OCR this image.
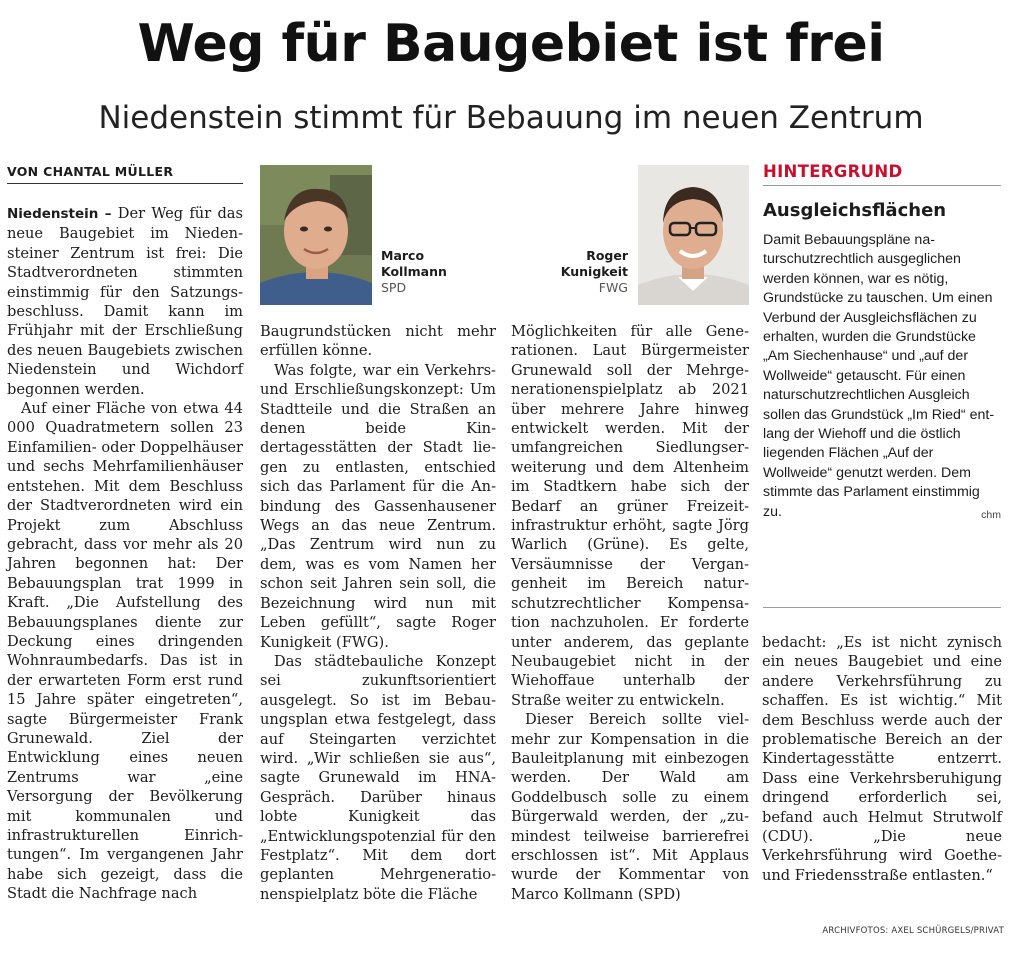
Weg für Baugebiet ist frei
Niedenstein stimmt für Bebauung im neuen Zentrum
VON CHANTAL MÜLLER

Niedenstein – Der Weg für das neue Baugebiet im Niedensteiner Zentrum ist frei: Die Stadtverordneten stimmten einstimmig für den Satzungsbeschluss. Damit kann im Frühjahr mit der Erschließung des neuen Baugebiets zwischen Niedenstein und Wichdorf begonnen werden.

Auf einer Fläche von etwa 44 000 Quadratmetern sollen 23 Einfamilien- oder Doppelhäuser und sechs Mehrfamilienhäuser entstehen. Mit dem Beschluss der Stadtverordneten wird ein Projekt zum Abschluss gebracht, dass vor mehr als 20 Jahren begonnen hat: Der Bebauungsplan trat 1999 in Kraft. „Die Aufstellung des Bebauungsplanes diente zur Deckung eines dringenden Wohnraumbedarfs. Das ist in der erwarteten Form erst rund 15 Jahre später eingetreten“, sagte Bürgermeister Frank Grunewald. Ziel der Entwicklung eines neuen Zentrums war „eine Versorgung der Bevölkerung mit kommunalen und infrastrukturellen Einrichtungen“. Im vergangenen Jahr habe sich gezeigt, dass die Stadt die Nachfrage nach

Marco
Kollmann
SPD
Roger
Kunigkeit
FWG

Baugrundstücken nicht mehr erfüllen könne.

Was folgte, war ein Verkehrs- und Erschließungskonzept: Um Stadtteile und die Straßen an denen beide Kindertagesstätten der Stadt liegen zu entlasten, entschied sich das Parlament für die Anbindung des Gassenhausener Wegs an das neue Zentrum. „Das Zentrum wird nun zu dem, was es vom Namen her schon seit Jahren sein soll, die Bezeichnung wird nun mit Leben gefüllt“, sagte Roger Kunigkeit (FWG).

Das städtebauliche Konzept sei zukunftsorientiert ausgelegt. So ist im Bebauungsplan etwa festgelegt, dass auf Steingarten verzichtet wird. „Wir schließen sie aus“, sagte Grunewald im HNA-Gespräch. Darüber hinaus lobte Kunigkeit das „Entwicklungspotenzial für den Festplatz“. Mit dem dort geplanten Mehrgenerationenspielplatz böte die Fläche

Möglichkeiten für alle Generationen. Laut Bürgermeister Grunewald soll der Mehrgenerationenspielplatz ab 2021 über mehrere Jahre hinweg entwickelt werden. Mit der umfangreichen Siedlungserweiterung und dem Altenheim im Stadtkern habe sich der Bedarf an grüner Freizeitinfrastruktur erhöht, sagte Jörg Warlich (Grüne). Es gelte, Versäumnisse der Vergangenheit im Bereich naturschutzrechtlicher Kompensation nachzuholen. Er forderte unter anderem, das geplante Neubaugebiet nicht in der Wiehoffaue unterhalb der Straße weiter zu entwickeln.

Dieser Bereich sollte vielmehr zur Kompensation in die Bauleitplanung mit einbezogen werden. Der Wald am Goddelbusch solle zu einem Bürgerwald werden, der „zumindest teilweise barrierefrei erschlossen ist“. Mit Applaus wurde der Kommentar von Marco Kollmann (SPD)

HINTERGRUND
Ausgleichsflächen
Damit Bebauungspläne naturschutzrechtlich ausgeglichen werden können, war es nötig, Grundstücke zu tauschen. Um einen Verbund der Ausgleichsflächen zu erhalten, wurden die Grundstücke „Am Siechenhause“ und „auf der Wollweide“ getauscht. Für einen naturschutzrechtlichen Ausgleich sollen das Grundstück „Im Ried“ entlang der Wiehoff und die östlich liegenden Flächen „Auf der Wollweide“ genutzt werden. Dem stimmte das Parlament einstimmig zu.	chm

bedacht: „Es ist nicht zynisch ein neues Baugebiet und eine andere Verkehrsführung zu schaffen. Es ist wichtig.“ Mit dem Beschluss werde auch der problematische Bereich an der Kindertagesstätte entzerrt. Dass eine Verkehrsberuhigung dringend erforderlich sei, befand auch Helmut Strutwolf (CDU). „Die neue Verkehrsführung wird Goethe- und Friedensstraße entlasten.“

ARCHIVFOTOS: AXEL SCHÜRGELS/PRIVAT
